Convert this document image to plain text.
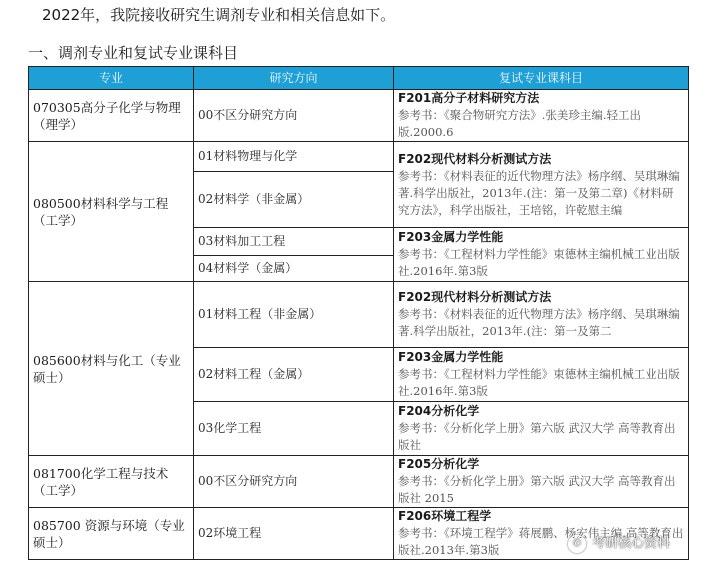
2022年，我院接收研究生调剂专业和相关信息如下。
一、调剂专业和复试专业课科目
专业	研究方向	复试专业课科目
070305高分子化学与物理（理学）	00不区分研究方向	F201高分子材料研究方法
参考书：《聚合物研究方法》.张美珍主编.轻工出版.2000.6

080500材料科学与工程（工学）	01材料物理与化学	F202现代材料分析测试方法
参考书：《材料表征的近代物理方法》杨序纲、吴琪琳编著.科学出版社，2013年.(注：第一及第二章)《材料研究方法》，科学出版社，王培铭，许乾慰主编

	02材料学（非金属）	
	03材料加工工程	F203金属力学性能
参考书：《工程材料力学性能》束德林主编机械工业出版社.2016年.第3版

	04材料学（金属）	
085600材料与化工（专业硕士）	01材料工程（非金属）	F202现代材料分析测试方法
参考书：《材料表征的近代物理方法》杨序纲、吴琪琳编著.科学出版社，2013年.(注：第一及第二

	02材料工程（金属）	F203金属力学性能
参考书：《工程材料力学性能》束德林主编机械工业出版社.2016年.第3版

	03化学工程	F204分析化学
参考书：《分析化学上册》第六版 武汉大学 高等教育出版社

081700化学工程与技术（工学）	00不区分研究方向	F205分析化学
参考书：《分析化学上册》第六版 武汉大学 高等教育出版社 2015

085700 资源与环境（专业硕士）	02环境工程	F206环境工程学
参考书：《环境工程学》蒋展鹏、杨宏伟主编.高等教育出版社.2013年.第3版	✆ 考研核心资料
